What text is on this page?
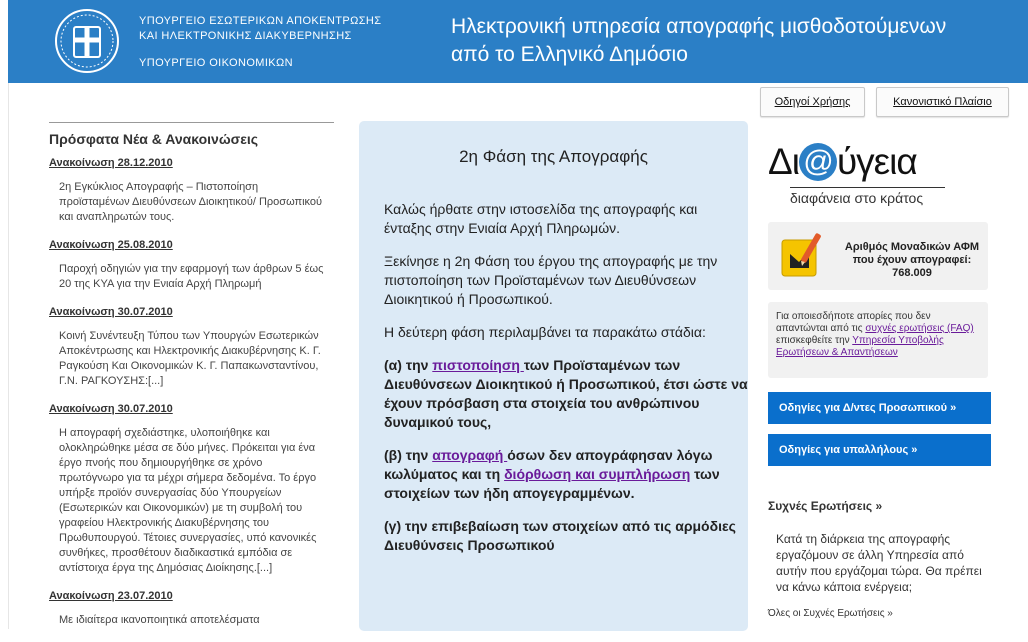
ΥΠΟΥΡΓΕΙΟ ΕΣΩΤΕΡΙΚΩΝ ΑΠΟΚΕΝΤΡΩΣΗΣ
ΚΑΙ ΗΛΕΚΤΡΟΝΙΚΗΣ ΔΙΑΚΥΒΕΡΝΗΣΗΣ
ΥΠΟΥΡΓΕΙΟ ΟΙΚΟΝΟΜΙΚΩΝ
Ηλεκτρονική υπηρεσία απογραφής μισθοδοτούμενων
από το Ελληνικό Δημόσιο
Οδηγοί Χρήσης	Κανονιστικό Πλαίσιο
Πρόσφατα Νέα & Ανακοινώσεις
Ανακοίνωση 28.12.2010

2η Εγκύκλιος Απογραφής – Πιστοποίηση προϊσταμένων Διευθύνσεων Διοικητικού/ Προσωπικού και αναπληρωτών τους.

Ανακοίνωση 25.08.2010

Παροχή οδηγιών για την εφαρμογή των άρθρων 5 έως 20 της ΚΥΑ για την Ενιαία Αρχή Πληρωμή

Ανακοίνωση 30.07.2010

Κοινή Συνέντευξη Τύπου των Υπουργών Εσωτερικών Αποκέντρωσης και Ηλεκτρονικής Διακυβέρνησης Κ. Γ. Ραγκούση Και Οικονομικών Κ. Γ. Παπακωνσταντίνου, Γ.Ν. ΡΑΓΚΟΥΣΗΣ:[...]

Ανακοίνωση 30.07.2010

Η απογραφή σχεδιάστηκε, υλοποιήθηκε και ολοκληρώθηκε μέσα σε δύο μήνες. Πρόκειται για ένα έργο πνοής που δημιουργήθηκε σε χρόνο πρωτόγνωρο για τα μέχρι σήμερα δεδομένα. Το έργο υπήρξε προϊόν συνεργασίας δύο Υπουργείων (Εσωτερικών και Οικονομικών) με τη συμβολή του γραφείου Ηλεκτρονικής Διακυβέρνησης του Πρωθυπουργού. Τέτοιες συνεργασίες, υπό κανονικές συνθήκες, προσθέτουν διαδικαστικά εμπόδια σε αντίστοιχα έργα της Δημόσιας Διοίκησης.[...]

Ανακοίνωση 23.07.2010

Με ιδιαίτερα ικανοποιητικά αποτελέσματα

2η Φάση της Απογραφής

Καλώς ήρθατε στην ιστοσελίδα της απογραφής και ένταξης στην Ενιαία Αρχή Πληρωμών.

Ξεκίνησε η 2η Φάση του έργου της απογραφής με την πιστοποίηση των Προϊσταμένων των Διευθύνσεων Διοικητικού ή Προσωπικού.

Η δεύτερη φάση περιλαμβάνει τα παρακάτω στάδια:

(α) την πιστοποίηση των Προϊσταμένων των Διευθύνσεων Διοικητικού ή Προσωπικού, έτσι ώστε να έχουν πρόσβαση στα στοιχεία του ανθρώπινου δυναμικού τους,

(β) την απογραφή όσων δεν απογράφησαν λόγω κωλύματος και τη διόρθωση και συμπλήρωση των στοιχείων των ήδη απογεγραμμένων.

(γ) την επιβεβαίωση των στοιχείων από τις αρμόδιες Διευθύνσεις Προσωπικού

Δι @ ύγεια
διαφάνεια στο κράτος
Αριθμός Μοναδικών ΑΦΜ που έχουν απογραφεί: 768.009

Για οποιεσδήποτε απορίες που δεν απαντώνται από τις συχνές ερωτήσεις (FAQ) επισκεφθείτε την Υπηρεσία Υποβολής Ερωτήσεων & Απαντήσεων

Οδηγίες για Δ/ντες Προσωπικού »
Οδηγίες για υπαλλήλους »
Συχνές Ερωτήσεις »
Κατά τη διάρκεια της απογραφής εργαζόμουν σε άλλη Υπηρεσία από αυτήν που εργάζομαι τώρα. Θα πρέπει να κάνω κάποια ενέργεια;
Όλες οι Συχνές Ερωτήσεις »
